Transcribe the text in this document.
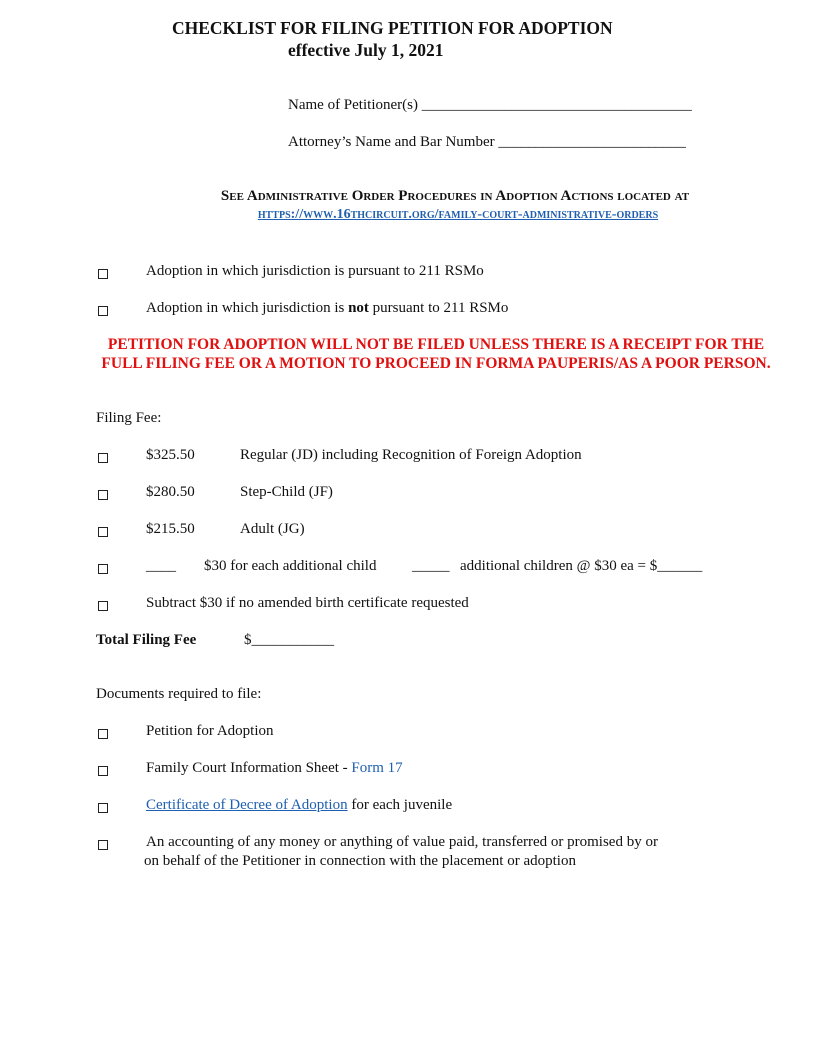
CHECKLIST FOR FILING PETITION FOR ADOPTION
effective July 1, 2021
Name of Petitioner(s) ____________________________________
Attorney’s Name and Bar Number _________________________
See Administrative Order Procedures in Adoption Actions located at
https://www.16thcircuit.org/family-court-administrative-orders
Adoption in which jurisdiction is pursuant to 211 RSMo
Adoption in which jurisdiction is not pursuant to 211 RSMo
PETITION FOR ADOPTION WILL NOT BE FILED UNLESS THERE IS A RECEIPT FOR THE FULL FILING FEE OR A MOTION TO PROCEED IN FORMA PAUPERIS/AS A POOR PERSON.
Filing Fee:
$325.50	Regular (JD) including Recognition of Foreign Adoption
$280.50	Step-Child (JF)
$215.50	Adult (JG)
____ $30 for each additional child _____ additional children @ $30 ea = $______
Subtract $30 if no amended birth certificate requested
Total Filing Fee	$___________
Documents required to file:
Petition for Adoption
Family Court Information Sheet - Form 17
Certificate of Decree of Adoption for each juvenile
An accounting of any money or anything of value paid, transferred or promised by or
on behalf of the Petitioner in connection with the placement or adoption
